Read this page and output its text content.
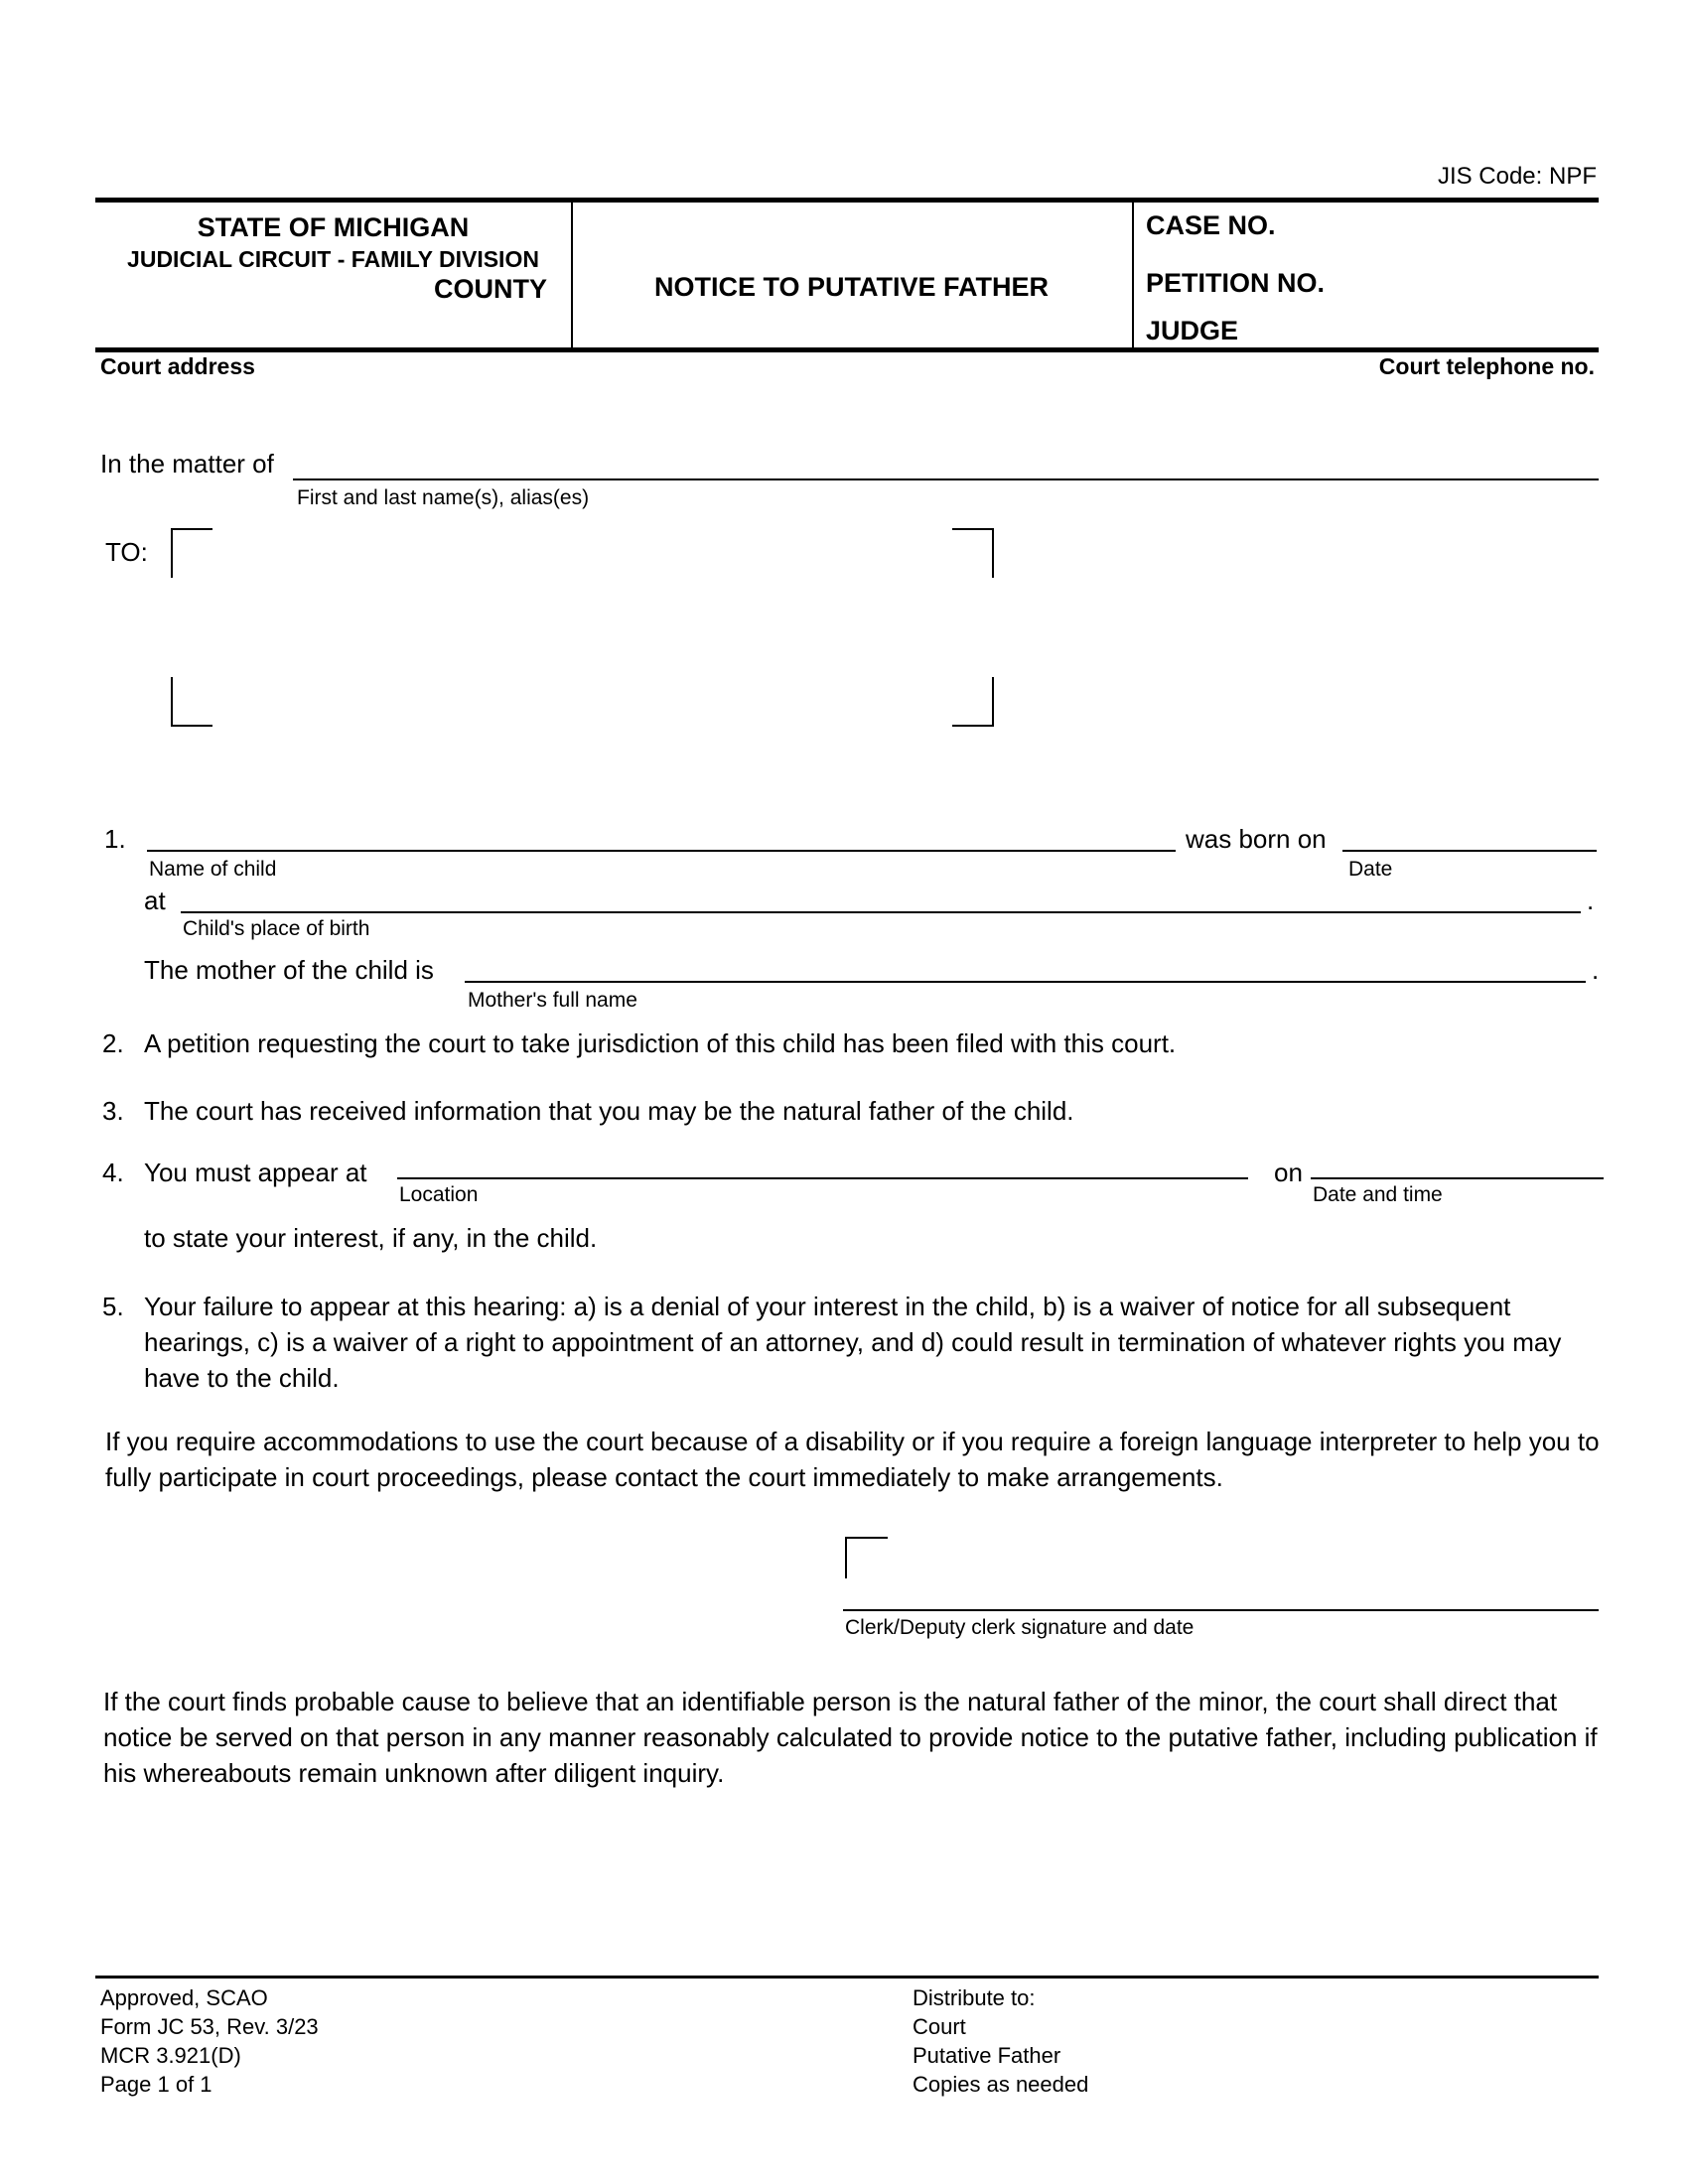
JIS Code: NPF
STATE OF MICHIGAN
JUDICIAL CIRCUIT - FAMILY DIVISION
COUNTY	NOTICE TO PUTATIVE FATHER
CASE NO.
PETITION NO.
JUDGE
Court address	Court telephone no.
In the matter of
First and last name(s), alias(es)
TO:
1.	was born on
Name of child	Date
at	.
Child's place of birth
The mother of the child is	.
Mother's full name
2. A petition requesting the court to take jurisdiction of this child has been filed with this court.
3. The court has received information that you may be the natural father of the child.
4. You must appear at	on
Location	Date and time
to state your interest, if any, in the child.
5. Your failure to appear at this hearing: a) is a denial of your interest in the child, b) is a waiver of notice for all subsequent hearings, c) is a waiver of a right to appointment of an attorney, and d) could result in termination of whatever rights you may have to the child.
If you require accommodations to use the court because of a disability or if you require a foreign language interpreter to help you to fully participate in court proceedings, please contact the court immediately to make arrangements.
Clerk/Deputy clerk signature and date
If the court finds probable cause to believe that an identifiable person is the natural father of the minor, the court shall direct that notice be served on that person in any manner reasonably calculated to provide notice to the putative father, including publication if his whereabouts remain unknown after diligent inquiry.
Approved, SCAO
Form JC 53, Rev. 3/23
MCR 3.921(D)
Page 1 of 1
Distribute to:
Court
Putative Father
Copies as needed
